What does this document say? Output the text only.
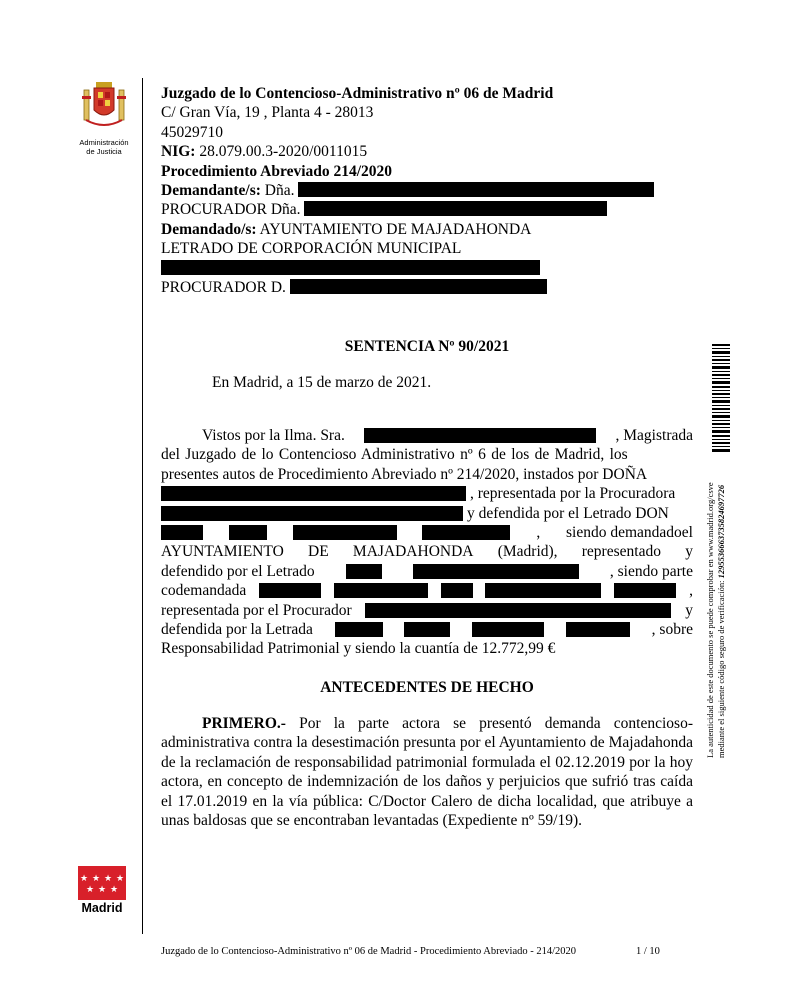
Administración
de Justicia
Juzgado de lo Contencioso-Administrativo nº 06 de Madrid
C/ Gran Vía, 19 , Planta 4 - 28013
45029710
NIG: 28.079.00.3-2020/0011015
Procedimiento Abreviado 214/2020
Demandante/s: Dña.
PROCURADOR Dña.
Demandado/s: AYUNTAMIENTO DE MAJADAHONDA
LETRADO DE CORPORACIÓN MUNICIPAL
PROCURADOR D.
SENTENCIA Nº 90/2021
En Madrid, a 15 de marzo de 2021.
Vistos por la Ilma. Sra.	, Magistrada
del Juzgado de lo Contencioso Administrativo nº 6 de los de Madrid, los
presentes autos de Procedimiento Abreviado nº 214/2020, instados por DOÑA
, representada por la Procuradora
y defendida por el Letrado DON
, siendo demandadoel
AYUNTAMIENTO DE MAJADAHONDA (Madrid), representado y
defendido por el Letrado	, siendo parte
codemandada	,
representada por el Procurador	y
defendida por la Letrada	, sobre
Responsabilidad Patrimonial y siendo la cuantía de 12.772,99 €
ANTECEDENTES DE HECHO
PRIMERO.- Por la parte actora se presentó demanda contencioso-administrativa contra la desestimación presunta por el Ayuntamiento de Majadahonda de la reclamación de responsabilidad patrimonial formulada el 02.12.2019 por la hoy actora, en concepto de indemnización de los daños y perjuicios que sufrió tras caída el 17.01.2019 en la vía pública: C/Doctor Calero de dicha localidad, que atribuye a unas baldosas que se encontraban levantadas (Expediente nº 59/19).
La autenticidad de este documento se puede comprobar en www.madrid.org/csve mediante el siguiente código seguro de verificación: 1295536663735824697726
★ ★ ★ ★
★ ★ ★
Madrid
Juzgado de lo Contencioso-Administrativo nº 06 de Madrid - Procedimiento Abreviado - 214/2020	1 / 10
